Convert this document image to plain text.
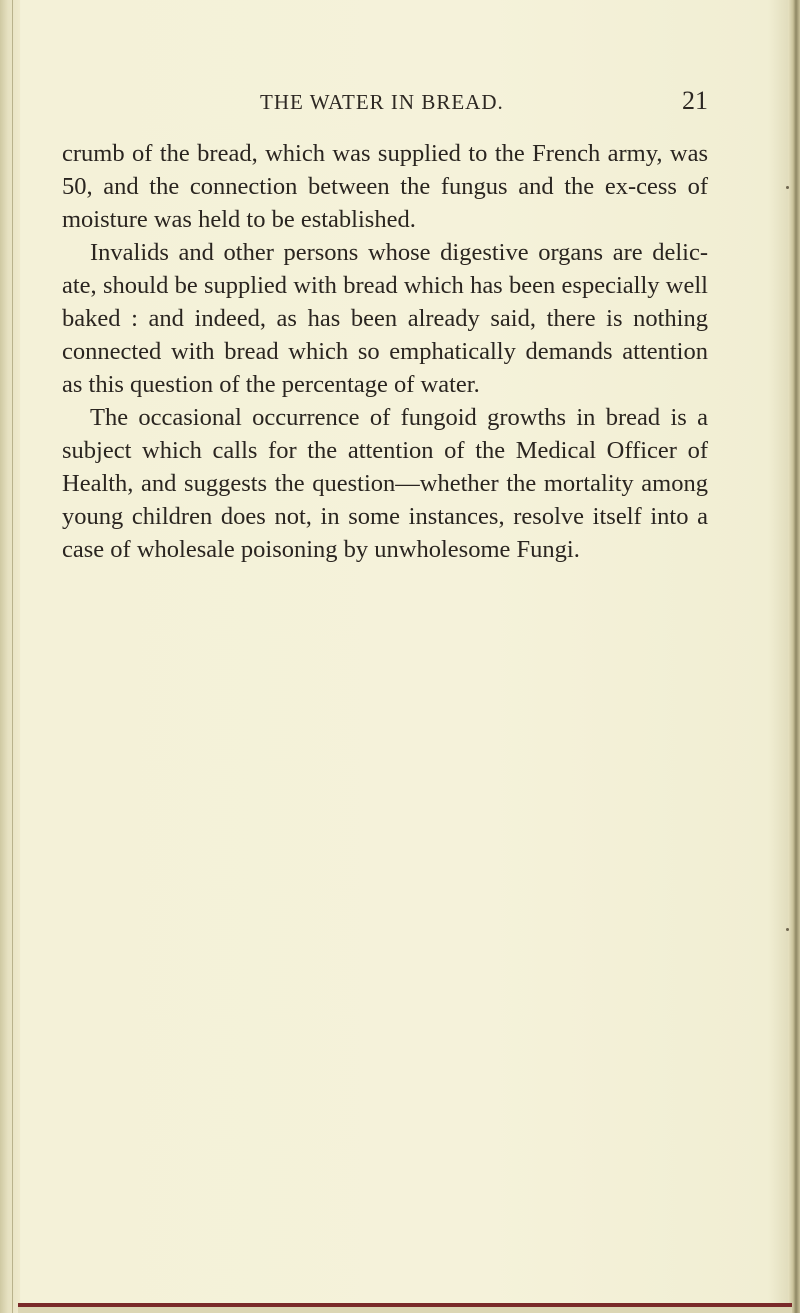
THE WATER IN BREAD.	21

crumb of the bread, which was supplied to the French army, was 50, and the connection between the fungus and the ex-cess of moisture was held to be established.

Invalids and other persons whose digestive organs are delic-ate, should be supplied with bread which has been especially well baked : and indeed, as has been already said, there is nothing connected with bread which so emphatically demands attention as this question of the percentage of water.

The occasional occurrence of fungoid growths in bread is a subject which calls for the attention of the Medical Officer of Health, and suggests the question—whether the mortality among young children does not, in some instances, resolve itself into a case of wholesale poisoning by unwholesome Fungi.
